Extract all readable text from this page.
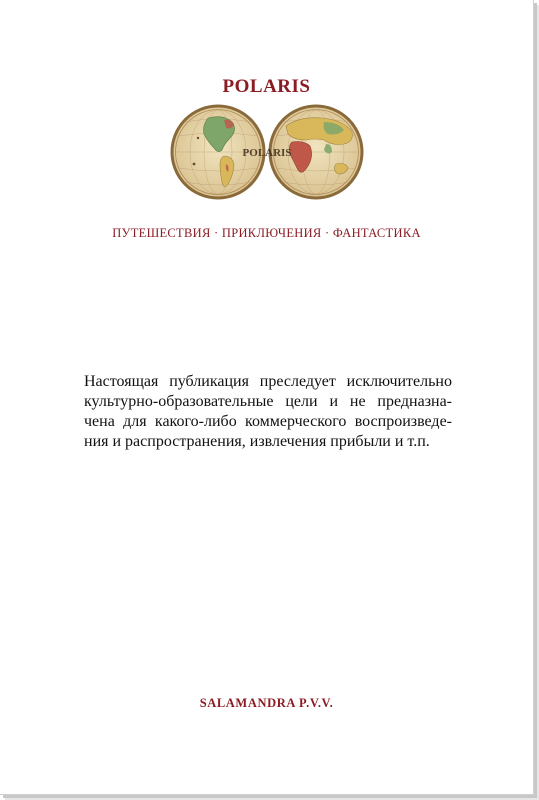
POLARIS
POLARIS
ПУТЕШЕСТВИЯ · ПРИКЛЮЧЕНИЯ · ФАНТАСТИКА
Настоящая публикация преследует исключительно
культурно-образовательные цели и не предназна-
чена для какого-либо коммерческого воспроизведе-
ния и распространения, извлечения прибыли и т.п.
SALAMANDRA P.V.V.
